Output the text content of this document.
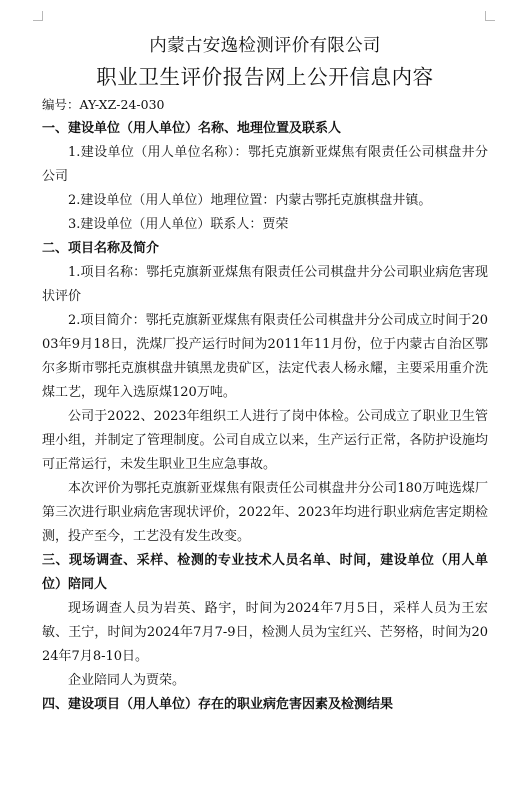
内蒙古安逸检测评价有限公司
职业卫生评价报告网上公开信息内容

编号：AY-XZ-24-030

一、建设单位（用人单位）名称、地理位置及联系人

1.建设单位（用人单位名称）：鄂托克旗新亚煤焦有限责任公司棋盘井分公司

2.建设单位（用人单位）地理位置：内蒙古鄂托克旗棋盘井镇。

3.建设单位（用人单位）联系人：贾荣

二、项目名称及简介

1.项目名称：鄂托克旗新亚煤焦有限责任公司棋盘井分公司职业病危害现状评价

2.项目简介：鄂托克旗新亚煤焦有限责任公司棋盘井分公司成立时间于2003年9月18日，洗煤厂投产运行时间为2011年11月份，位于内蒙古自治区鄂尔多斯市鄂托克旗棋盘井镇黑龙贵矿区，法定代表人杨永耀，主要采用重介洗煤工艺，现年入选原煤120万吨。

公司于2022、2023年组织工人进行了岗中体检。公司成立了职业卫生管理小组，并制定了管理制度。公司自成立以来，生产运行正常，各防护设施均可正常运行，未发生职业卫生应急事故。

本次评价为鄂托克旗新亚煤焦有限责任公司棋盘井分公司180万吨选煤厂第三次进行职业病危害现状评价，2022年、2023年均进行职业病危害定期检测，投产至今，工艺没有发生改变。

三、现场调查、采样、检测的专业技术人员名单、时间，建设单位（用人单位）陪同人

现场调查人员为岩英、路宇，时间为2024年7月5日，采样人员为王宏敏、王宁，时间为2024年7月7-9日，检测人员为宝红兴、芒努格，时间为2024年7月8-10日。

企业陪同人为贾荣。

四、建设项目（用人单位）存在的职业病危害因素及检测结果
